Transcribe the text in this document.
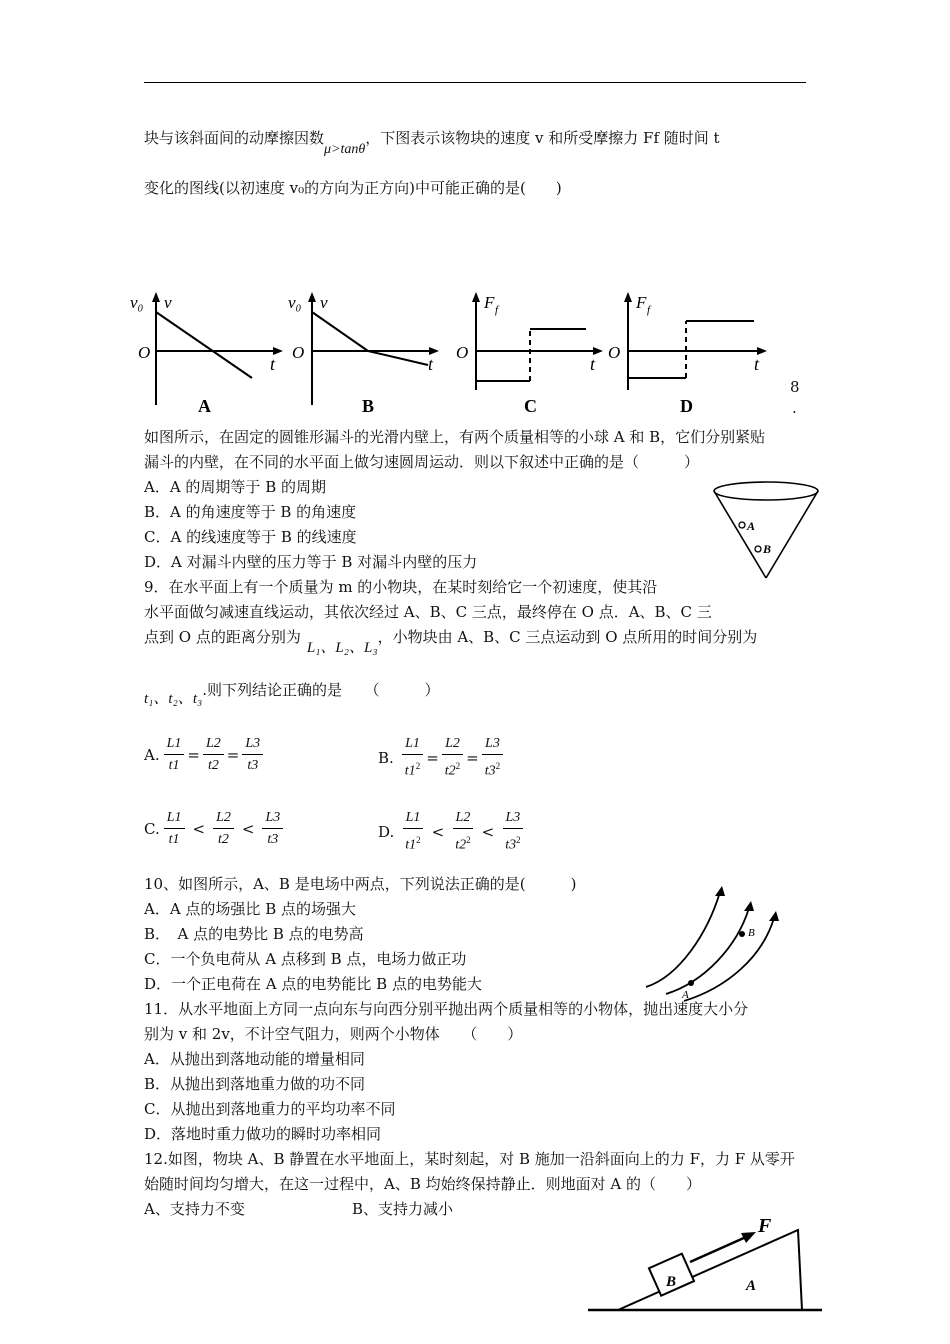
块与该斜面间的动摩擦因数μ>tanθ，下图表示该物块的速度 v 和所受摩擦力 Ff 随时间 t
变化的图线(以初速度 v₀的方向为正方向)中可能正确的是(　　)
v₀ v
O
t
A
v₀ v
O
t
B
F f
O
t
C
F f
O
t
D
8
.
如图所示，在固定的圆锥形漏斗的光滑内壁上，有两个质量相等的小球 A 和 B，它们分别紧贴
漏斗的内壁，在不同的水平面上做匀速圆周运动．则以下叙述中正确的是（　　　）
A．A 的周期等于 B 的周期
B．A 的角速度等于 B 的角速度
C．A 的线速度等于 B 的线速度
D．A 对漏斗内壁的压力等于 B 对漏斗内壁的压力
A
B
9．在水平面上有一个质量为 m 的小物块，在某时刻给它一个初速度，使其沿
水平面做匀减速直线运动，其依次经过 A、B、C 三点，最终停在 O 点．A、B、C 三
点到 O 点的距离分别为L₁、L₂、L₃，小物块由 A、B、C 三点运动到 O 点所用的时间分别为
t₁、t₂、t₃.则下列结论正确的是　　（　　　）
A. $\frac{L1}{t1} = \frac{L2}{t2} = \frac{L3}{t3}$	B. $\frac{L1}{t1^2} = \frac{L2}{t2^2} = \frac{L3}{t3^2}$
C. $\frac{L1}{t1} < \frac{L2}{t2} < \frac{L3}{t3}$	D. $\frac{L1}{t1^2} < \frac{L2}{t2^2} < \frac{L3}{t3^2}$
10、如图所示，A、B 是电场中两点，下列说法正确的是(　　　)
A．A 点的场强比 B 点的场强大
B．　A 点的电势比 B 点的电势高
C．一个负电荷从 A 点移到 B 点，电场力做正功
D．一个正电荷在 A 点的电势能比 B 点的电势能大
A
B
11．从水平地面上方同一点向东与向西分别平抛出两个质量相等的小物体，抛出速度大小分
别为 v 和 2v，不计空气阻力，则两个小物体　　（　　）
A．从抛出到落地动能的增量相同
B．从抛出到落地重力做的功不同
C．从抛出到落地重力的平均功率不同
D．落地时重力做功的瞬时功率相同
12.如图，物块 A、B 静置在水平地面上，某时刻起，对 B 施加一沿斜面向上的力 F，力 F 从零开
始随时间均匀增大，在这一过程中，A、B 均始终保持静止．则地面对 A 的（　　）
A、支持力不变	B、支持力减小
B	A
F
